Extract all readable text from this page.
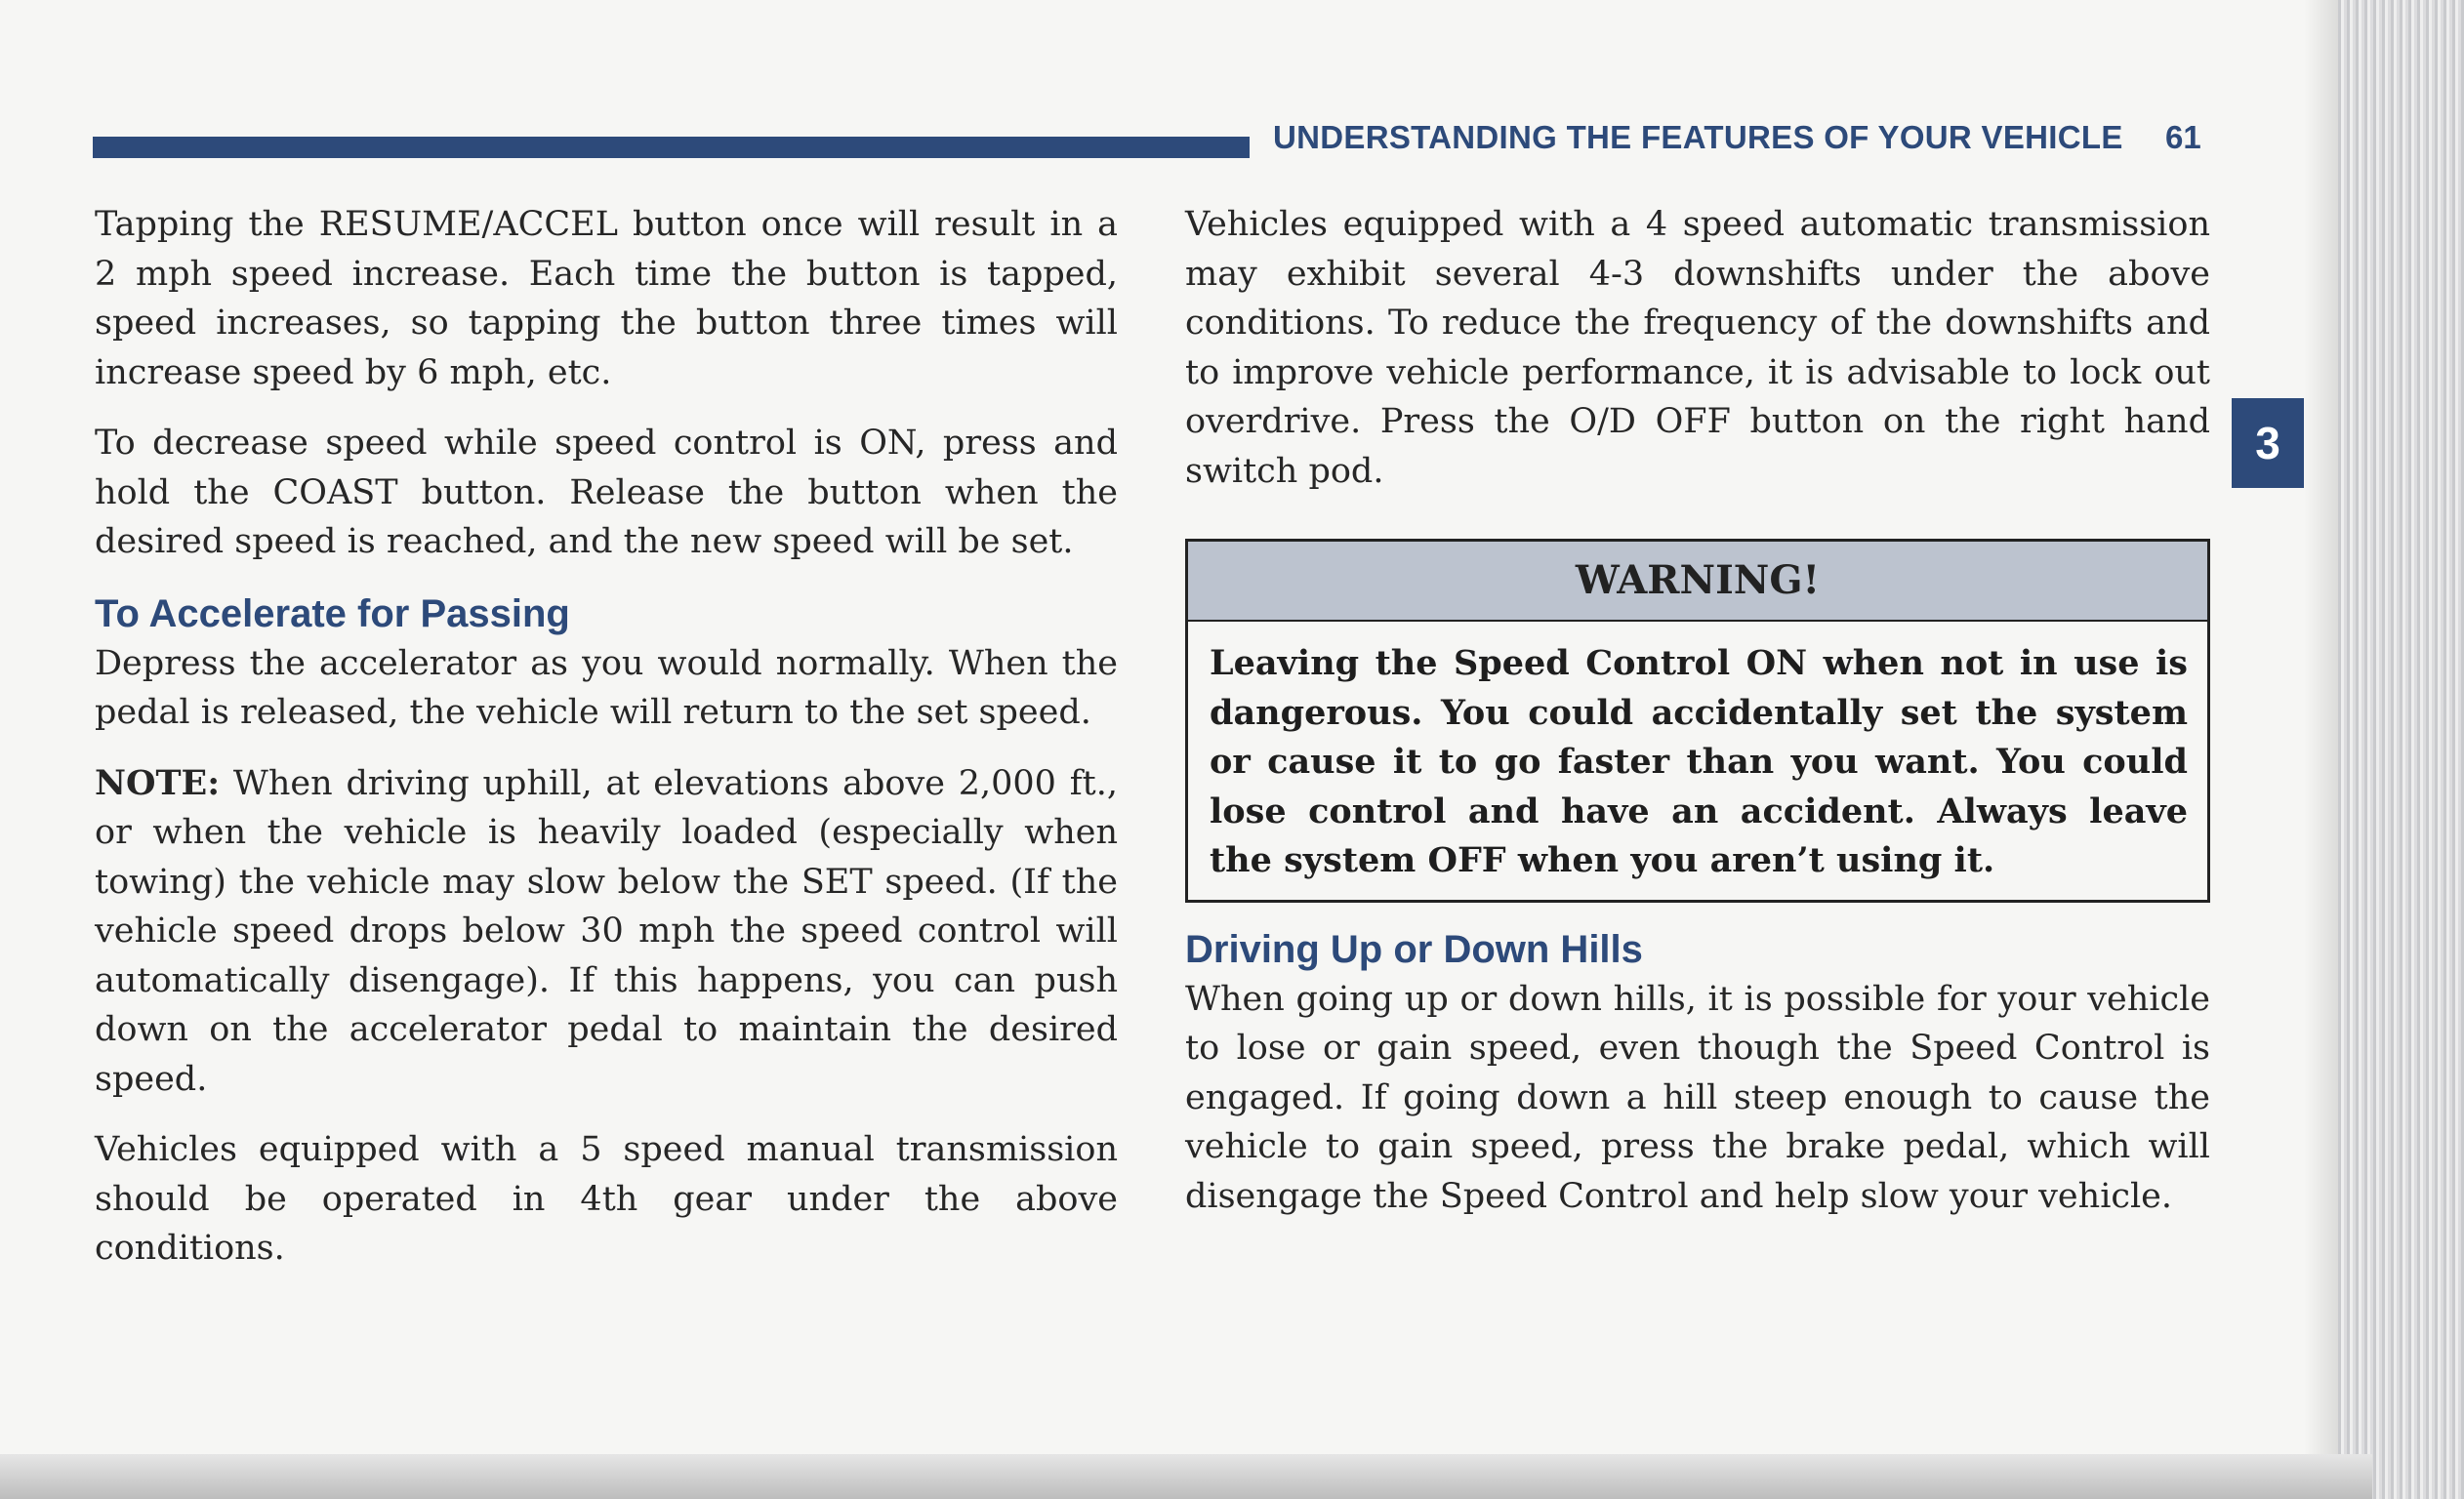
UNDERSTANDING THE FEATURES OF YOUR VEHICLE	61
3

Tapping the RESUME/ACCEL button once will result in a 2 mph speed increase. Each time the button is tapped, speed increases, so tapping the button three times will increase speed by 6 mph, etc.

To decrease speed while speed control is ON, press and hold the COAST button. Release the button when the desired speed is reached, and the new speed will be set.

To Accelerate for Passing

Depress the accelerator as you would normally. When the pedal is released, the vehicle will return to the set speed.

NOTE: When driving uphill, at elevations above 2,000 ft., or when the vehicle is heavily loaded (especially when towing) the vehicle may slow below the SET speed. (If the vehicle speed drops below 30 mph the speed control will automatically disengage). If this happens, you can push down on the accelerator pedal to maintain the desired speed.

Vehicles equipped with a 5 speed manual transmission should be operated in 4th gear under the above conditions.

Vehicles equipped with a 4 speed automatic transmission may exhibit several 4-3 downshifts under the above conditions. To reduce the frequency of the downshifts and to improve vehicle performance, it is advisable to lock out overdrive. Press the O/D OFF button on the right hand switch pod.

WARNING!
Leaving the Speed Control ON when not in use is dangerous. You could accidentally set the system or cause it to go faster than you want. You could lose control and have an accident. Always leave the system OFF when you aren’t using it.
Driving Up or Down Hills

When going up or down hills, it is possible for your vehicle to lose or gain speed, even though the Speed Control is engaged. If going down a hill steep enough to cause the vehicle to gain speed, press the brake pedal, which will disengage the Speed Control and help slow your vehicle.
